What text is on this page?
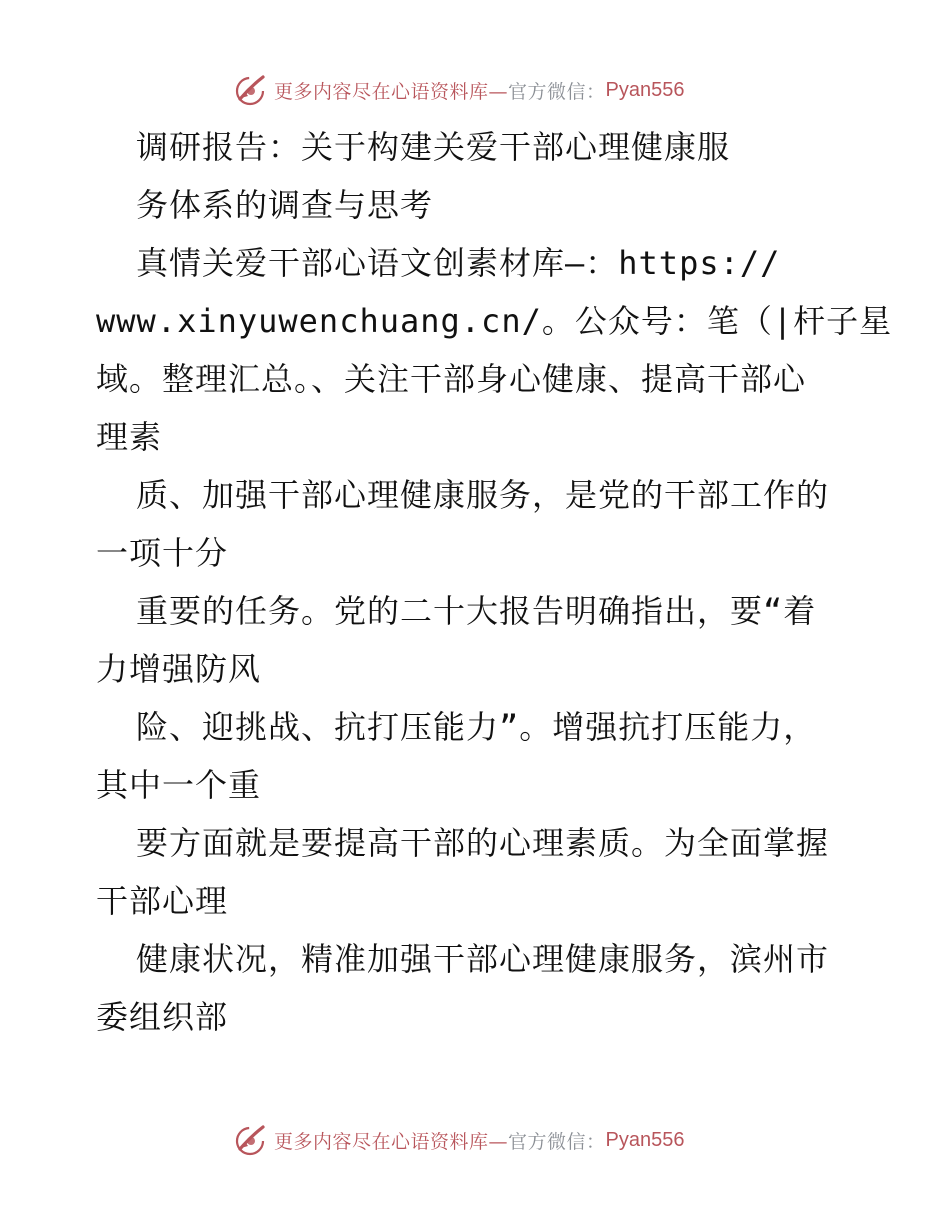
更多内容尽在心语资料库— 官方微信： Pyan556
调研报告：关于构建关爱干部心理健康服
务体系的调查与思考
真情关爱干部心语文创素材库—：https://
www.xinyuwenchuang.cn/。公众号：笔（|杆子星
域。整理汇总。、关注干部身心健康、提高干部心
理素
质、加强干部心理健康服务，是党的干部工作的
一项十分
重要的任务。党的二十大报告明确指出，要“着
力增强防风
险、迎挑战、抗打压能力”。增强抗打压能力，
其中一个重
要方面就是要提高干部的心理素质。为全面掌握
干部心理
健康状况，精准加强干部心理健康服务，滨州市
委组织部
更多内容尽在心语资料库— 官方微信： Pyan556
